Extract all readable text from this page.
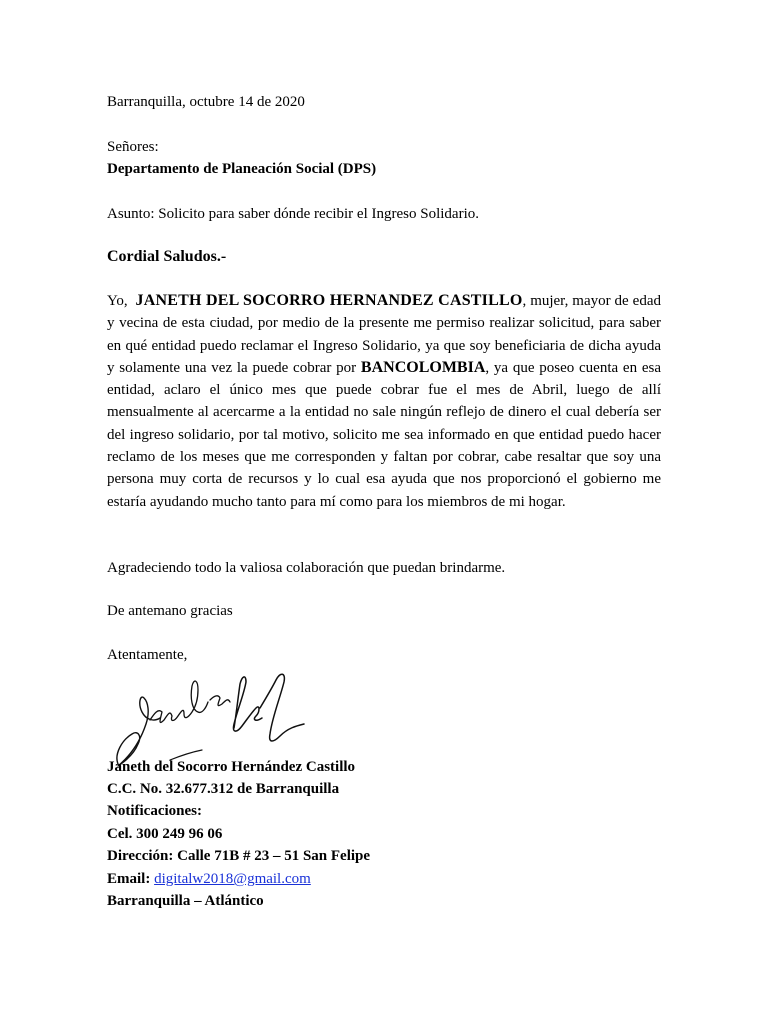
Barranquilla, octubre 14 de 2020
Señores:
Departamento de Planeación Social (DPS)
Asunto: Solicito para saber dónde recibir el Ingreso Solidario.
Cordial Saludos.-
Yo, JANETH DEL SOCORRO HERNANDEZ CASTILLO, mujer, mayor de edad y vecina de esta ciudad, por medio de la presente me permiso realizar solicitud, para saber en qué entidad puedo reclamar el Ingreso Solidario, ya que soy beneficiaria de dicha ayuda y solamente una vez la puede cobrar por BANCOLOMBIA, ya que poseo cuenta en esa entidad, aclaro el único mes que puede cobrar fue el mes de Abril, luego de allí mensualmente al acercarme a la entidad no sale ningún reflejo de dinero el cual debería ser del ingreso solidario, por tal motivo, solicito me sea informado en que entidad puedo hacer reclamo de los meses que me corresponden y faltan por cobrar, cabe resaltar que soy una persona muy corta de recursos y lo cual esa ayuda que nos proporcionó el gobierno me estaría ayudando mucho tanto para mí como para los miembros de mi hogar.
Agradeciendo todo la valiosa colaboración que puedan brindarme.
De antemano gracias
Atentamente,
Janeth del Socorro Hernández Castillo
C.C. No. 32.677.312 de Barranquilla
Notificaciones:
Cel. 300 249 96 06
Dirección: Calle 71B # 23 – 51 San Felipe
Email: digitalw2018@gmail.com
Barranquilla – Atlántico
